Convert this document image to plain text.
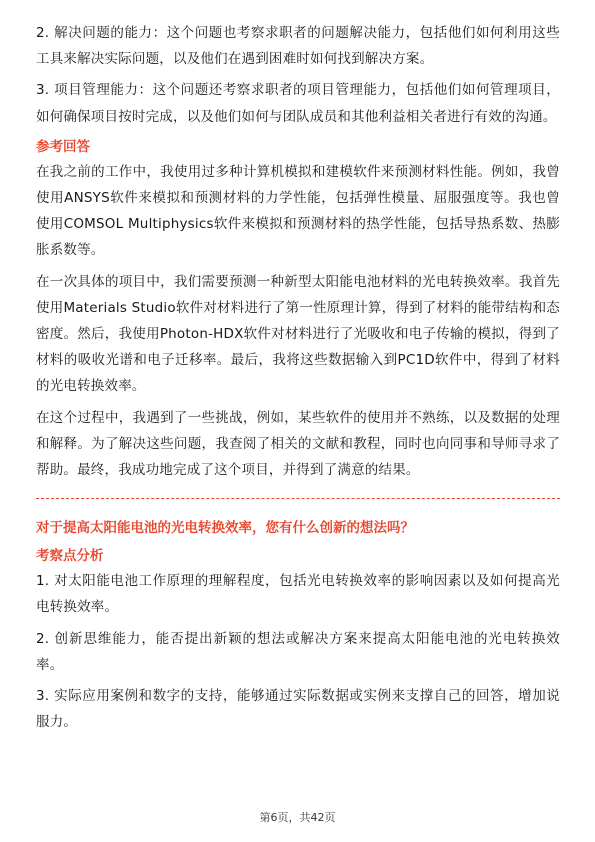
2. 解决问题的能力：这个问题也考察求职者的问题解决能力，包括他们如何利用这些工具来解决实际问题，以及他们在遇到困难时如何找到解决方案。

3. 项目管理能力：这个问题还考察求职者的项目管理能力，包括他们如何管理项目，如何确保项目按时完成，以及他们如何与团队成员和其他利益相关者进行有效的沟通。

参考回答

在我之前的工作中，我使用过多种计算机模拟和建模软件来预测材料性能。例如，我曾使用ANSYS软件来模拟和预测材料的力学性能，包括弹性模量、屈服强度等。我也曾使用COMSOL Multiphysics软件来模拟和预测材料的热学性能，包括导热系数、热膨胀系数等。

在一次具体的项目中，我们需要预测一种新型太阳能电池材料的光电转换效率。我首先使用Materials Studio软件对材料进行了第一性原理计算，得到了材料的能带结构和态密度。然后，我使用Photon-HDX软件对材料进行了光吸收和电子传输的模拟，得到了材料的吸收光谱和电子迁移率。最后，我将这些数据输入到PC1D软件中，得到了材料的光电转换效率。

在这个过程中，我遇到了一些挑战，例如，某些软件的使用并不熟练，以及数据的处理和解释。为了解决这些问题，我查阅了相关的文献和教程，同时也向同事和导师寻求了帮助。最终，我成功地完成了这个项目，并得到了满意的结果。

对于提高太阳能电池的光电转换效率，您有什么创新的想法吗？
考察点分析

1. 对太阳能电池工作原理的理解程度，包括光电转换效率的影响因素以及如何提高光电转换效率。

2. 创新思维能力，能否提出新颖的想法或解决方案来提高太阳能电池的光电转换效率。

3. 实际应用案例和数字的支持，能够通过实际数据或实例来支撑自己的回答，增加说服力。

第6页，共42页
